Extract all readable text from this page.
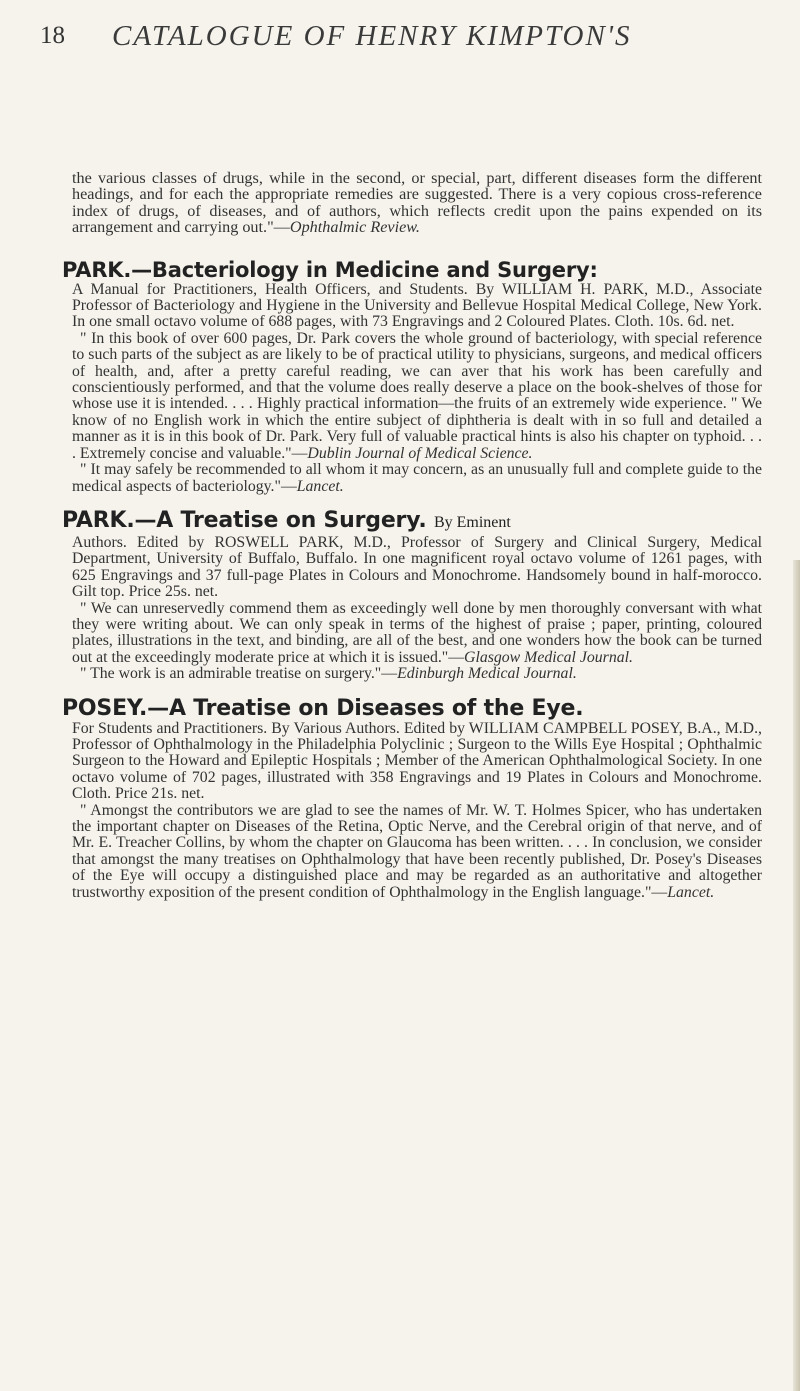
18 CATALOGUE OF HENRY KIMPTON'S

the various classes of drugs, while in the second, or special, part, different diseases form the different headings, and for each the appropriate remedies are suggested. There is a very copious cross-reference index of drugs, of diseases, and of authors, which reflects credit upon the pains expended on its arrangement and carrying out."—Ophthalmic Review.

PARK.—Bacteriology in Medicine and Surgery:

A Manual for Practitioners, Health Officers, and Students. By WILLIAM H. PARK, M.D., Associate Professor of Bacteriology and Hygiene in the University and Bellevue Hospital Medical College, New York. In one small octavo volume of 688 pages, with 73 Engravings and 2 Coloured Plates. Cloth. 10s. 6d. net.

" In this book of over 600 pages, Dr. Park covers the whole ground of bacteriology, with special reference to such parts of the subject as are likely to be of practical utility to physicians, surgeons, and medical officers of health, and, after a pretty careful reading, we can aver that his work has been carefully and conscientiously performed, and that the volume does really deserve a place on the book-shelves of those for whose use it is intended. . . . Highly practical information—the fruits of an extremely wide experience. " We know of no English work in which the entire subject of diphtheria is dealt with in so full and detailed a manner as it is in this book of Dr. Park. Very full of valuable practical hints is also his chapter on typhoid. . . . Extremely concise and valuable."—Dublin Journal of Medical Science.

" It may safely be recommended to all whom it may concern, as an unusually full and complete guide to the medical aspects of bacteriology."—Lancet.

PARK.—A Treatise on Surgery. By Eminent

Authors. Edited by ROSWELL PARK, M.D., Professor of Surgery and Clinical Surgery, Medical Department, University of Buffalo, Buffalo. In one magnificent royal octavo volume of 1261 pages, with 625 Engravings and 37 full-page Plates in Colours and Monochrome. Handsomely bound in half-morocco. Gilt top. Price 25s. net.

" We can unreservedly commend them as exceedingly well done by men thoroughly conversant with what they were writing about. We can only speak in terms of the highest of praise ; paper, printing, coloured plates, illustrations in the text, and binding, are all of the best, and one wonders how the book can be turned out at the exceedingly moderate price at which it is issued."—Glasgow Medical Journal.

" The work is an admirable treatise on surgery."—Edinburgh Medical Journal.

POSEY.—A Treatise on Diseases of the Eye.

For Students and Practitioners. By Various Authors. Edited by WILLIAM CAMPBELL POSEY, B.A., M.D., Professor of Ophthalmology in the Philadelphia Polyclinic ; Surgeon to the Wills Eye Hospital ; Ophthalmic Surgeon to the Howard and Epileptic Hospitals ; Member of the American Ophthalmological Society. In one octavo volume of 702 pages, illustrated with 358 Engravings and 19 Plates in Colours and Monochrome. Cloth. Price 21s. net.

" Amongst the contributors we are glad to see the names of Mr. W. T. Holmes Spicer, who has undertaken the important chapter on Diseases of the Retina, Optic Nerve, and the Cerebral origin of that nerve, and of Mr. E. Treacher Collins, by whom the chapter on Glaucoma has been written. . . . In conclusion, we consider that amongst the many treatises on Ophthalmology that have been recently published, Dr. Posey's Diseases of the Eye will occupy a distinguished place and may be regarded as an authoritative and altogether trustworthy exposition of the present condition of Ophthalmology in the English language."—Lancet.
